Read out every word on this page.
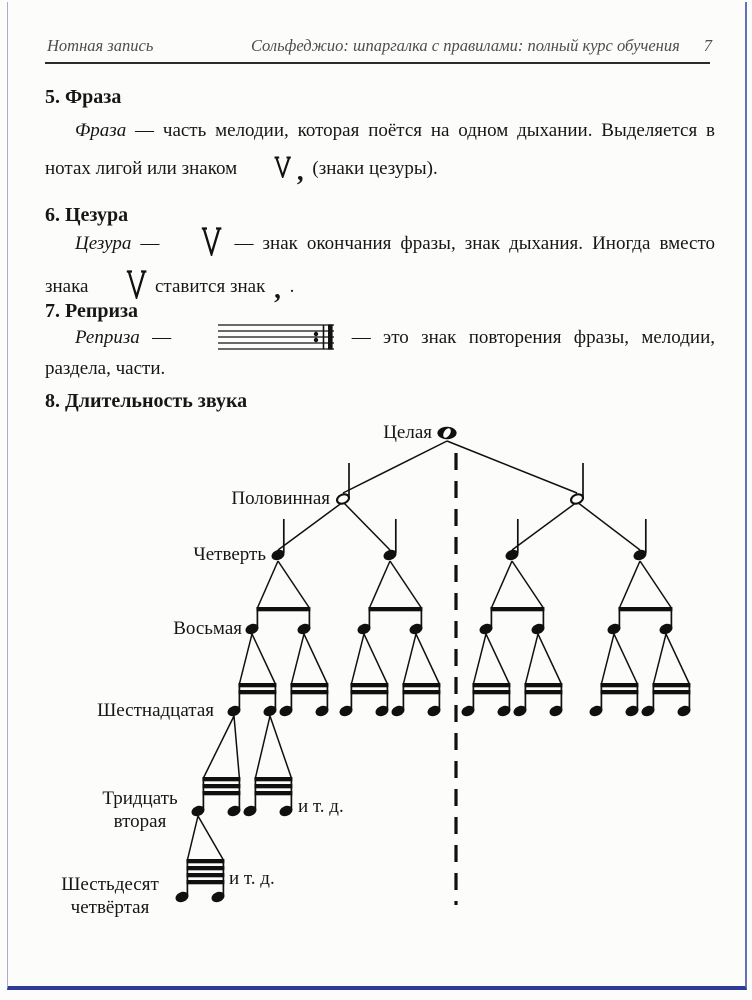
Нотная запись	Сольфеджио: шпаргалка с правилами: полный курс обучения 7
5. Фраза

Фраза — часть мелодии, которая поётся на одном дыхании. Выделяется в нотах лигой или знаком , (знаки цезуры).

6. Цезура

Цезура —	— знак окончания фразы, знак дыхания. Иногда вместо знака	ставится знак , .

7. Реприза

Реприза —	— это знак повторения фразы, мелодии, раздела, части.

8. Длительность звука
Целая
Половинная
Четверть
Восьмая
Шестнадцатая
Тридцать
вторая
и т. д.
Шестьдесят
четвёртая
и т. д.
